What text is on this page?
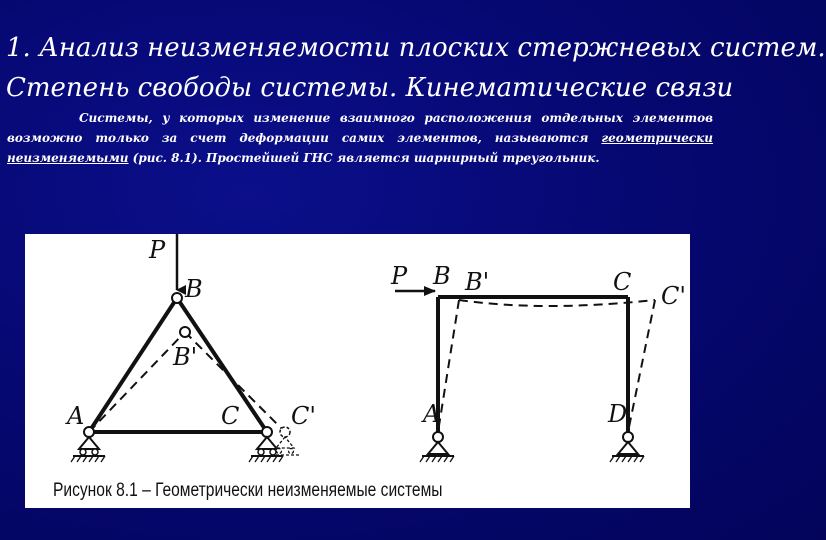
1. Анализ неизменяемости плоских стержневых систем.
Степень свободы системы. Кинематические связи
Системы, у которых изменение взаимного расположения отдельных элементов возможно только за счет деформации самих элементов, называются геометрически неизменяемыми (рис. 8.1). Простейшей ГНС является шарнирный треугольник.
P
B
B'
A	C C'
P B B'	C C'
A	D
Рисунок 8.1 – Геометрически неизменяемые системы
